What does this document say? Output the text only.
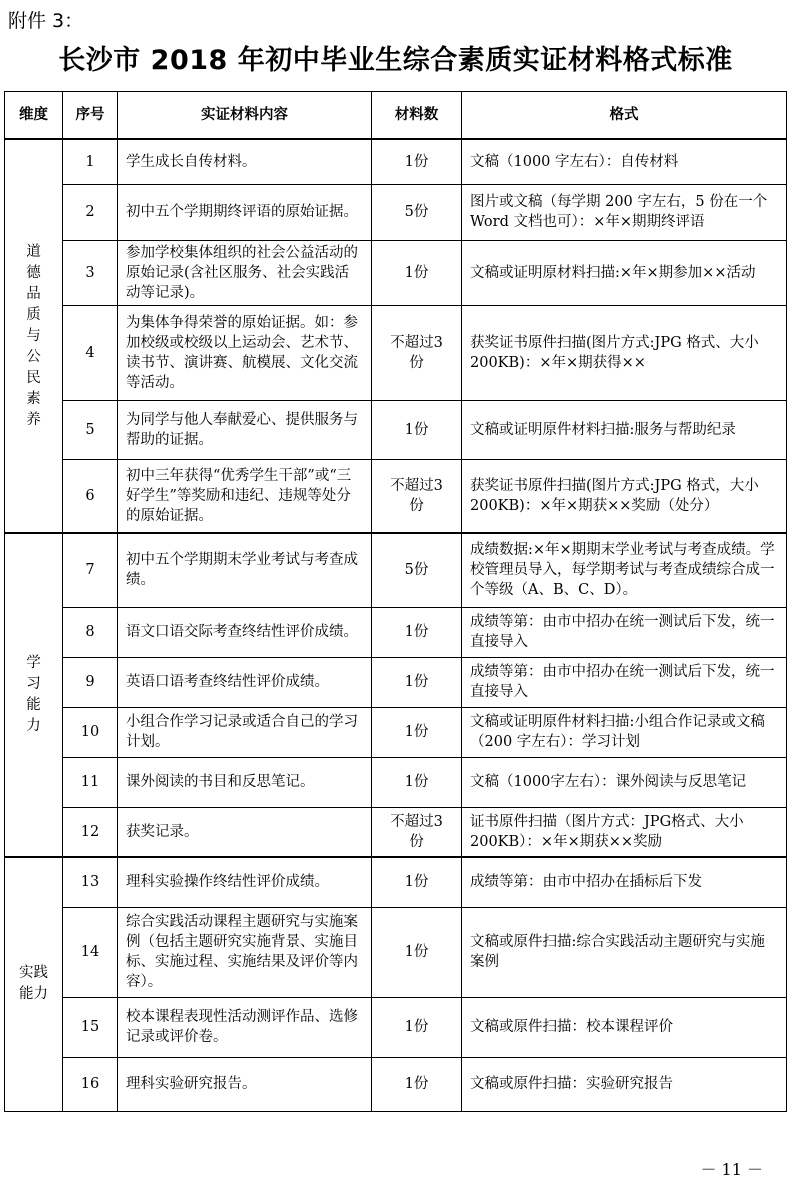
附件 3：
长沙市 2018 年初中毕业生综合素质实证材料格式标准
维度	序号	实证材料内容	材料数	格式

道德品质与公民素养	1	学生成长自传材料。	1份	文稿（1000 字左右）：自传材料
	2	初中五个学期期终评语的原始证据。	5份	图片或文稿（每学期 200 字左右，5 份在一个 Word 文档也可）：×年×期期终评语
	3	参加学校集体组织的社会公益活动的原始记录(含社区服务、社会实践活动等记录)。	1份	文稿或证明原材料扫描:×年×期参加××活动
	4	为集体争得荣誉的原始证据。如：参加校级或校级以上运动会、艺术节、读书节、演讲赛、航模展、文化交流等活动。	不超过3份	获奖证书原件扫描(图片方式:JPG 格式、大小 200KB)：×年×期获得××
	5	为同学与他人奉献爱心、提供服务与帮助的证据。	1份	文稿或证明原件材料扫描:服务与帮助纪录
	6	初中三年获得“优秀学生干部”或“三好学生”等奖励和违纪、违规等处分的原始证据。	不超过3份	获奖证书原件扫描(图片方式:JPG 格式，大小 200KB)：×年×期获××奖励（处分）

学习能力	7	初中五个学期期末学业考试与考查成绩。	5份	成绩数据:×年×期期末学业考试与考查成绩。学校管理员导入，每学期考试与考查成绩综合成一个等级（A、B、C、D）。
	8	语文口语交际考查终结性评价成绩。	1份	成绩等第：由市中招办在统一测试后下发，统一直接导入
	9	英语口语考查终结性评价成绩。	1份	成绩等第：由市中招办在统一测试后下发，统一直接导入
	10	小组合作学习记录或适合自己的学习计划。	1份	文稿或证明原件材料扫描:小组合作记录或文稿（200 字左右）：学习计划
	11	课外阅读的书目和反思笔记。	1份	文稿（1000字左右）：课外阅读与反思笔记
	12	获奖记录。	不超过3份	证书原件扫描（图片方式：JPG格式、大小200KB）：×年×期获××奖励

实践能力	13	理科实验操作终结性评价成绩。	1份	成绩等第：由市中招办在插标后下发
	14	综合实践活动课程主题研究与实施案例（包括主题研究实施背景、实施目标、实施过程、实施结果及评价等内容）。	1份	文稿或原件扫描:综合实践活动主题研究与实施案例
	15	校本课程表现性活动测评作品、选修记录或评价卷。	1份	文稿或原件扫描：校本课程评价
	16	理科实验研究报告。	1份	文稿或原件扫描：实验研究报告
－ 11 －
